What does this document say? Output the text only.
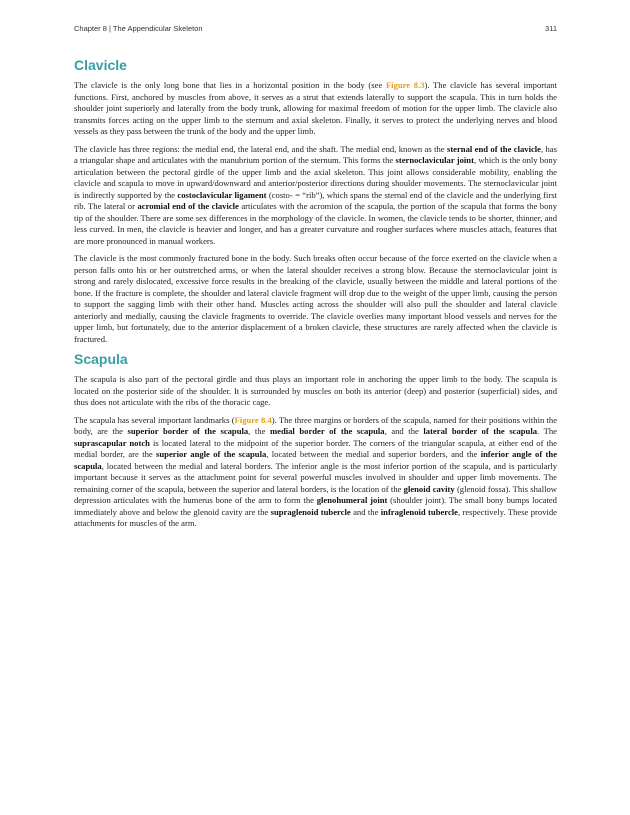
Chapter 8 | The Appendicular Skeleton	311
Clavicle

The clavicle is the only long bone that lies in a horizontal position in the body (see Figure 8.3). The clavicle has several important functions. First, anchored by muscles from above, it serves as a strut that extends laterally to support the scapula. This in turn holds the shoulder joint superiorly and laterally from the body trunk, allowing for maximal freedom of motion for the upper limb. The clavicle also transmits forces acting on the upper limb to the sternum and axial skeleton. Finally, it serves to protect the underlying nerves and blood vessels as they pass between the trunk of the body and the upper limb.

The clavicle has three regions: the medial end, the lateral end, and the shaft. The medial end, known as the sternal end of the clavicle, has a triangular shape and articulates with the manubrium portion of the sternum. This forms the sternoclavicular joint, which is the only bony articulation between the pectoral girdle of the upper limb and the axial skeleton. This joint allows considerable mobility, enabling the clavicle and scapula to move in upward/downward and anterior/posterior directions during shoulder movements. The sternoclavicular joint is indirectly supported by the costoclavicular ligament (costo- = “rib”), which spans the sternal end of the clavicle and the underlying first rib. The lateral or acromial end of the clavicle articulates with the acromion of the scapula, the portion of the scapula that forms the bony tip of the shoulder. There are some sex differences in the morphology of the clavicle. In women, the clavicle tends to be shorter, thinner, and less curved. In men, the clavicle is heavier and longer, and has a greater curvature and rougher surfaces where muscles attach, features that are more pronounced in manual workers.

The clavicle is the most commonly fractured bone in the body. Such breaks often occur because of the force exerted on the clavicle when a person falls onto his or her outstretched arms, or when the lateral shoulder receives a strong blow. Because the sternoclavicular joint is strong and rarely dislocated, excessive force results in the breaking of the clavicle, usually between the middle and lateral portions of the bone. If the fracture is complete, the shoulder and lateral clavicle fragment will drop due to the weight of the upper limb, causing the person to support the sagging limb with their other hand. Muscles acting across the shoulder will also pull the shoulder and lateral clavicle anteriorly and medially, causing the clavicle fragments to override. The clavicle overlies many important blood vessels and nerves for the upper limb, but fortunately, due to the anterior displacement of a broken clavicle, these structures are rarely affected when the clavicle is fractured.

Scapula

The scapula is also part of the pectoral girdle and thus plays an important role in anchoring the upper limb to the body. The scapula is located on the posterior side of the shoulder. It is surrounded by muscles on both its anterior (deep) and posterior (superficial) sides, and thus does not articulate with the ribs of the thoracic cage.

The scapula has several important landmarks (Figure 8.4). The three margins or borders of the scapula, named for their positions within the body, are the superior border of the scapula, the medial border of the scapula, and the lateral border of the scapula. The suprascapular notch is located lateral to the midpoint of the superior border. The corners of the triangular scapula, at either end of the medial border, are the superior angle of the scapula, located between the medial and superior borders, and the inferior angle of the scapula, located between the medial and lateral borders. The inferior angle is the most inferior portion of the scapula, and is particularly important because it serves as the attachment point for several powerful muscles involved in shoulder and upper limb movements. The remaining corner of the scapula, between the superior and lateral borders, is the location of the glenoid cavity (glenoid fossa). This shallow depression articulates with the humerus bone of the arm to form the glenohumeral joint (shoulder joint). The small bony bumps located immediately above and below the glenoid cavity are the supraglenoid tubercle and the infraglenoid tubercle, respectively. These provide attachments for muscles of the arm.
